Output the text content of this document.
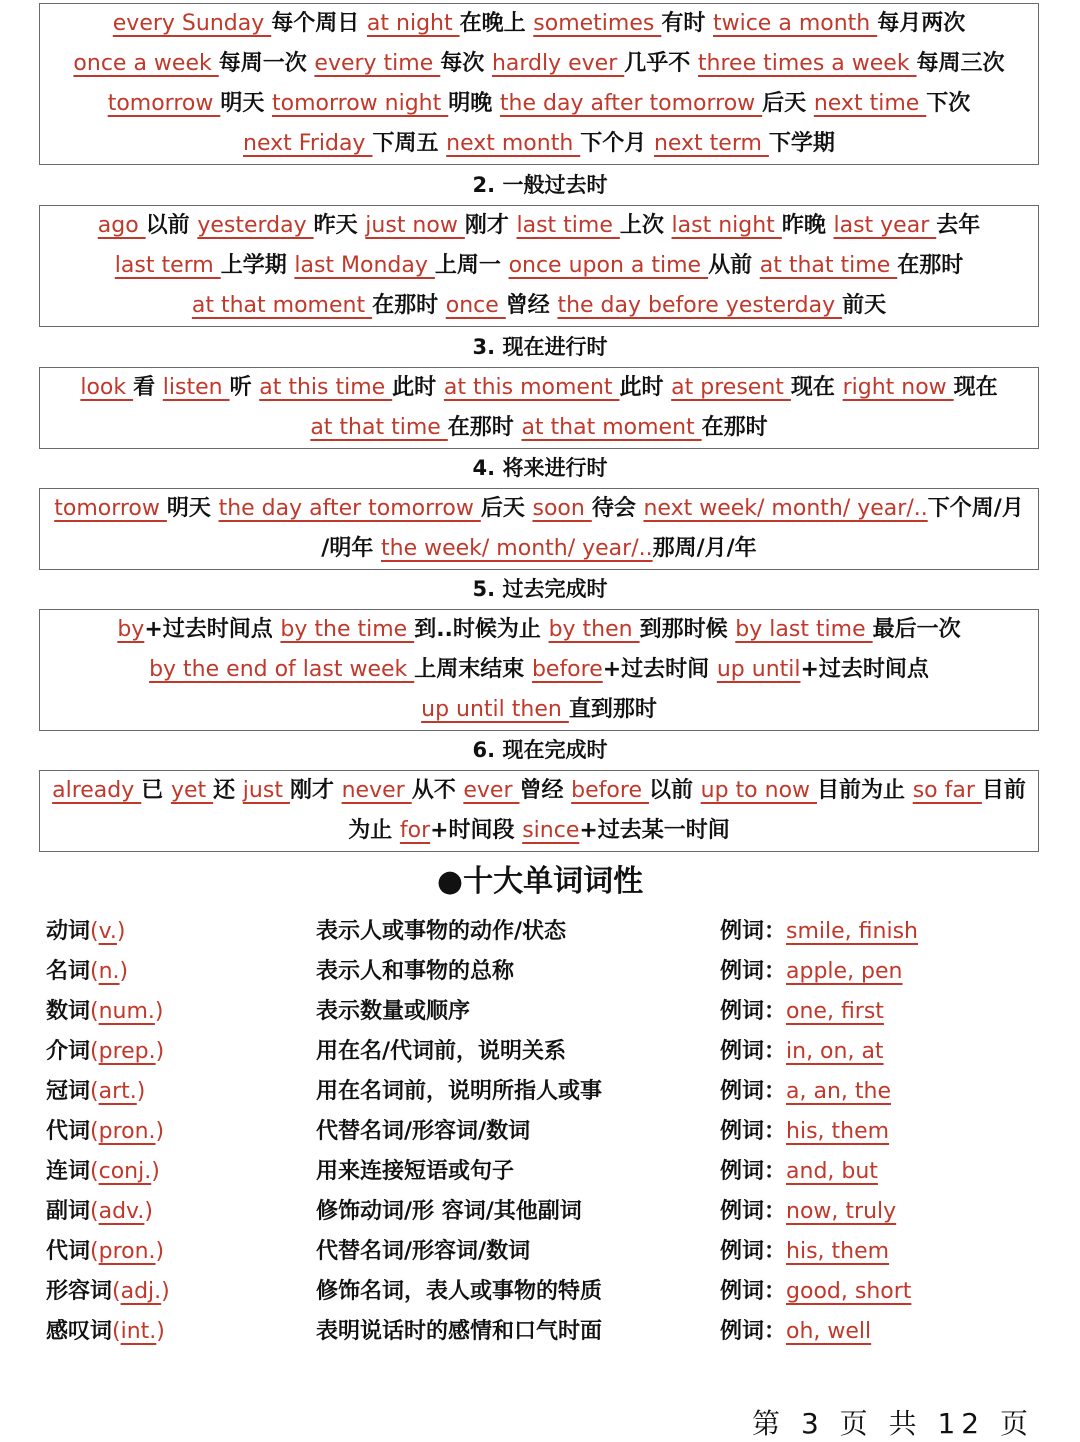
every Sunday 每个周日 at night 在晚上 sometimes 有时 twice a month 每月两次
once a week 每周一次 every time 每次 hardly ever 几乎不 three times a week 每周三次
tomorrow 明天 tomorrow night 明晚 the day after tomorrow 后天 next time 下次
next Friday 下周五 next month 下个月 next term 下学期
2. 一般过去时
ago 以前 yesterday 昨天 just now 刚才 last time 上次 last night 昨晚 last year 去年
last term 上学期 last Monday 上周一 once upon a time 从前 at that time 在那时
at that moment 在那时 once 曾经 the day before yesterday 前天
3. 现在进行时
look 看 listen 听 at this time 此时 at this moment 此时 at present 现在 right now 现在
at that time 在那时 at that moment 在那时
4. 将来进行时
tomorrow 明天 the day after tomorrow 后天 soon 待会 next week/ month/ year/..下个周/月
/明年 the week/ month/ year/..那周/月/年
5. 过去完成时
by+过去时间点 by the time 到..时候为止 by then 到那时候 by last time 最后一次
by the end of last week 上周末结束 before+过去时间 up until+过去时间点
up until then 直到那时
6. 现在完成时
already 已 yet 还 just 刚才 never 从不 ever 曾经 before 以前 up to now 目前为止 so far 目前
为止 for+时间段 since+过去某一时间
●十大单词词性
动词(v.)	表示人或事物的动作/状态	例词：smile, finish
名词(n.)	表示人和事物的总称	例词：apple, pen
数词(num.)	表示数量或顺序	例词：one, first
介词(prep.)	用在名/代词前，说明关系	例词：in, on, at
冠词(art.)	用在名词前，说明所指人或事	例词：a, an, the
代词(pron.)	代替名词/形容词/数词	例词：his, them
连词(conj.)	用来连接短语或句子	例词：and, but
副词(adv.)	修饰动词/形 容词/其他副词	例词：now, truly
代词(pron.)	代替名词/形容词/数词	例词：his, them
形容词(adj.)	修饰名词，表人或事物的特质	例词：good, short
感叹词(int.)	表明说话时的感情和口气时面	例词：oh, well
第 3 页 共 12 页
